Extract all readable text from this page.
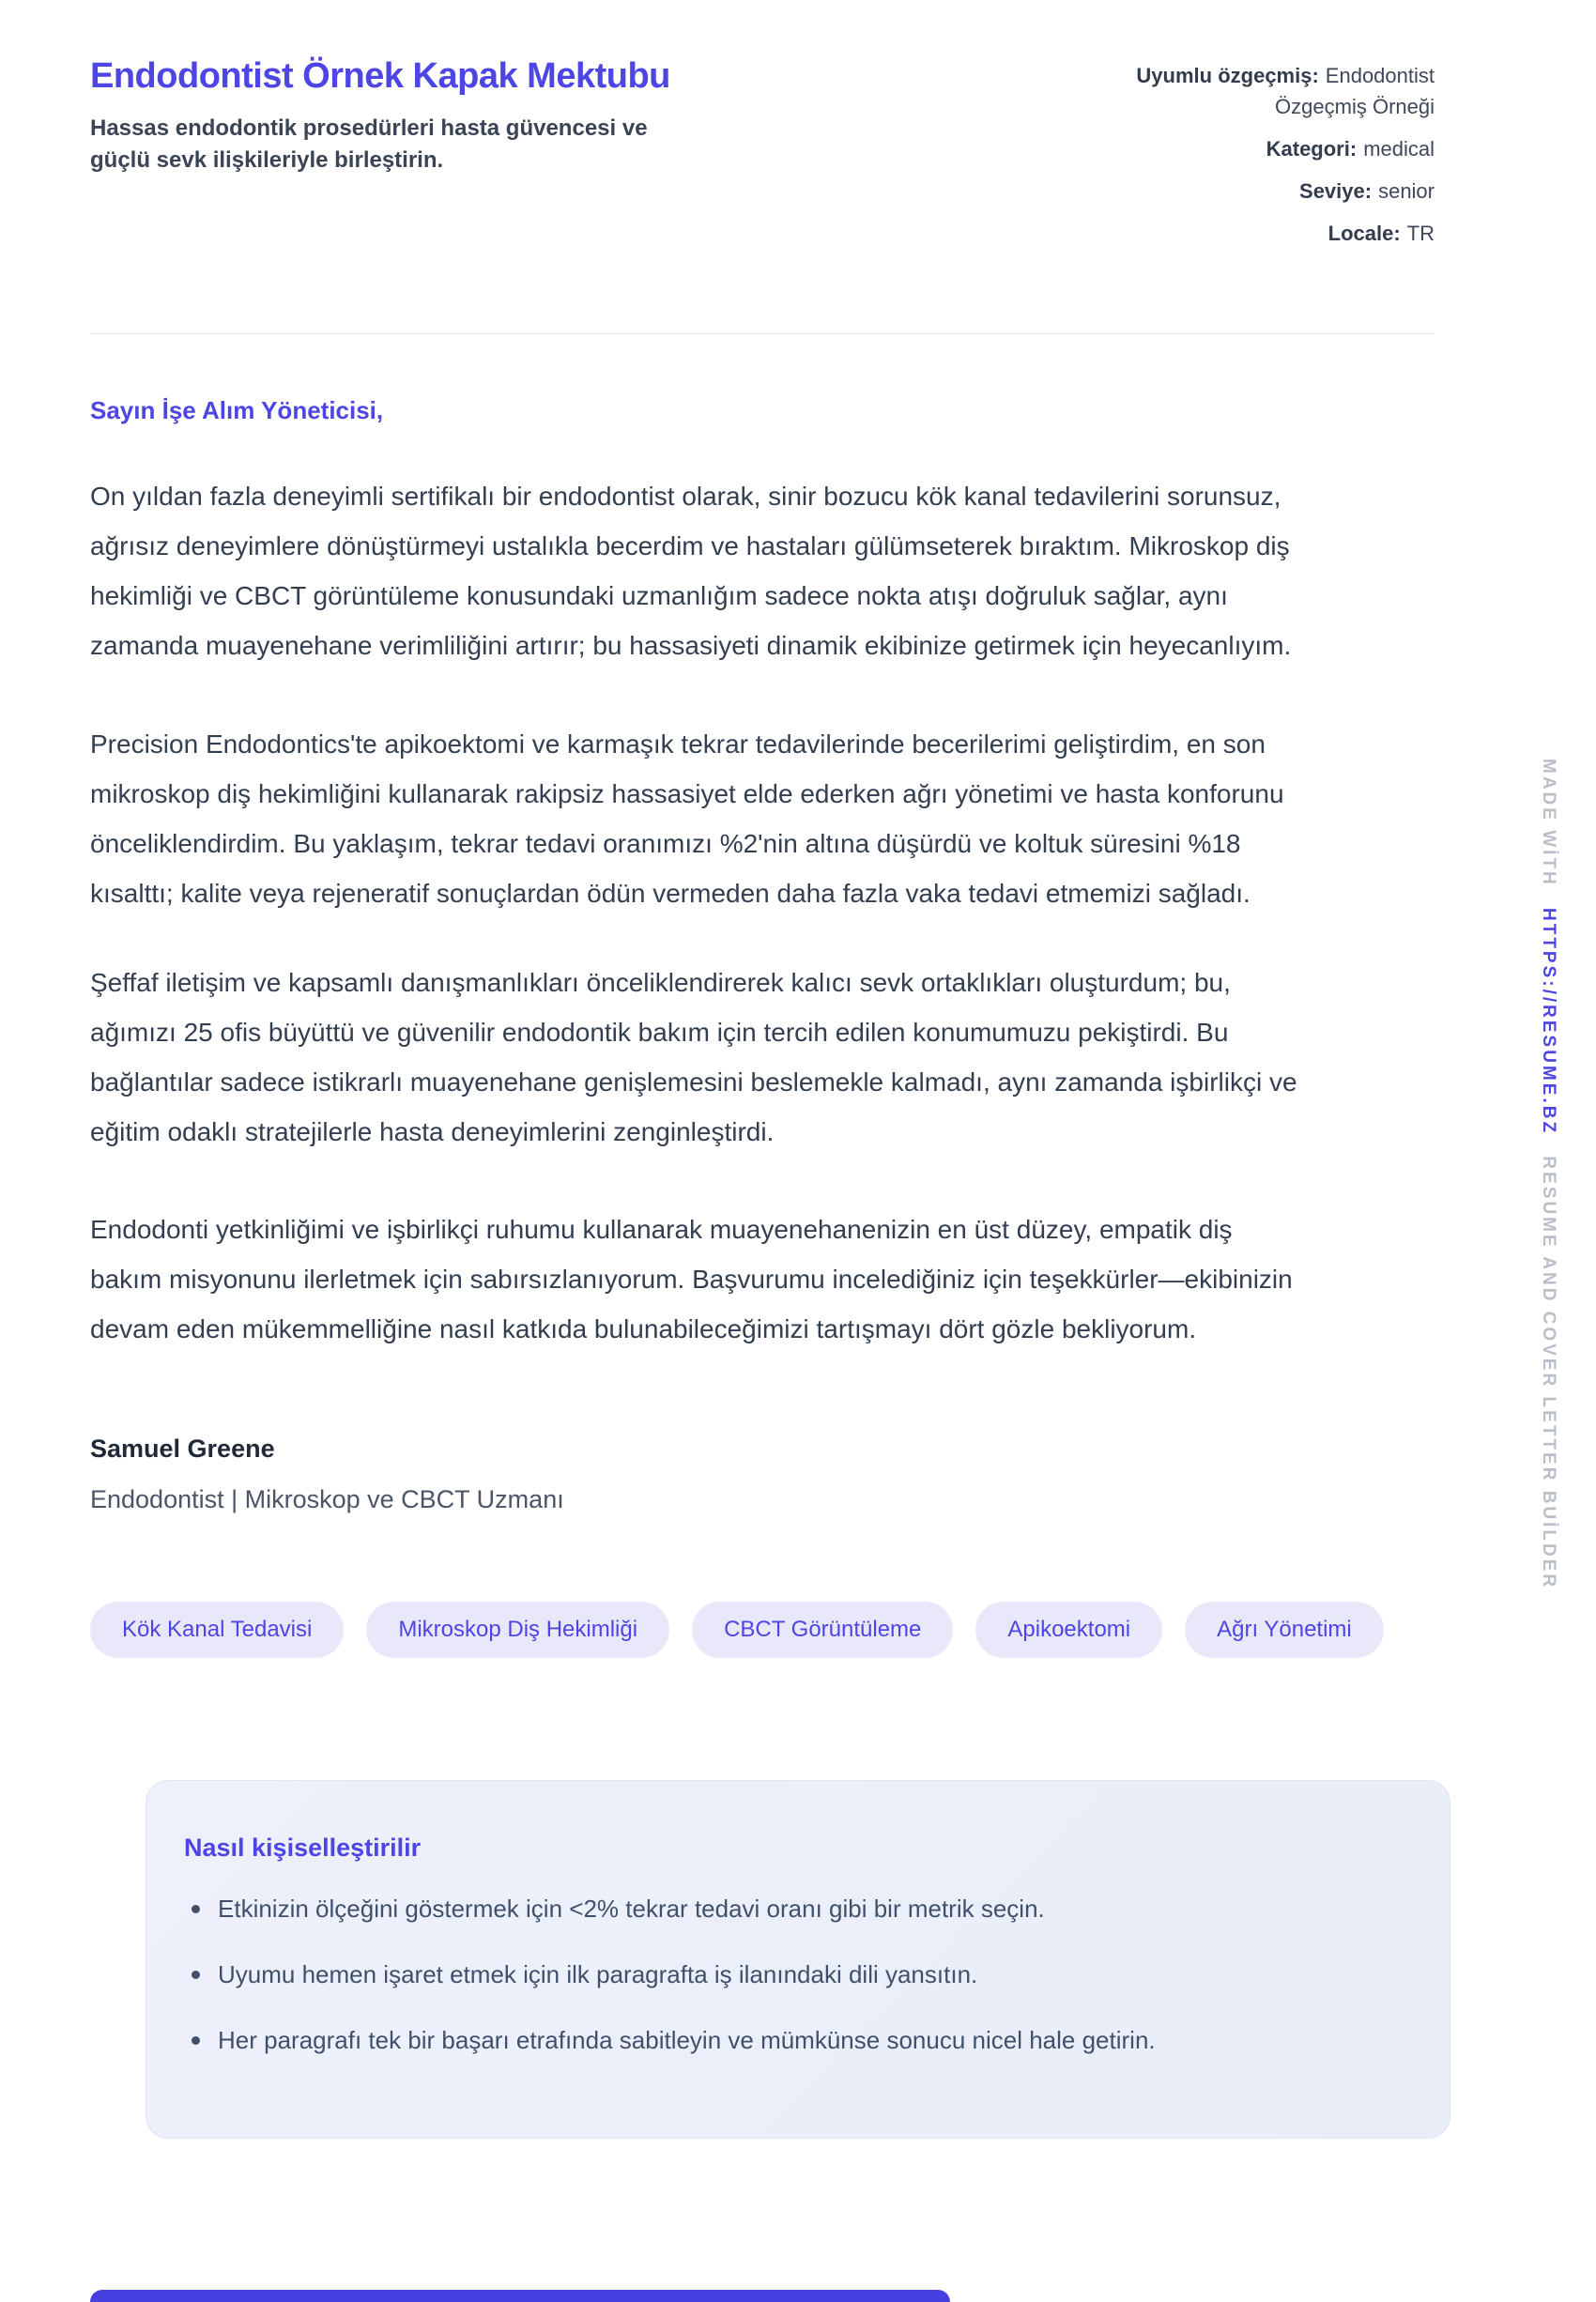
Endodontist Örnek Kapak Mektubu
Hassas endodontik prosedürleri hasta güvencesi ve güçlü sevk ilişkileriyle birleştirin.
Uyumlu özgeçmiş: Endodontist Özgeçmiş Örneği
Kategori: medical
Seviye: senior
Locale: TR
Sayın İşe Alım Yöneticisi,

On yıldan fazla deneyimli sertifikalı bir endodontist olarak, sinir bozucu kök kanal tedavilerini sorunsuz, ağrısız deneyimlere dönüştürmeyi ustalıkla becerdim ve hastaları gülümseterek bıraktım. Mikroskop diş hekimliği ve CBCT görüntüleme konusundaki uzmanlığım sadece nokta atışı doğruluk sağlar, aynı zamanda muayenehane verimliliğini artırır; bu hassasiyeti dinamik ekibinize getirmek için heyecanlıyım.

Precision Endodontics'te apikoektomi ve karmaşık tekrar tedavilerinde becerilerimi geliştirdim, en son mikroskop diş hekimliğini kullanarak rakipsiz hassasiyet elde ederken ağrı yönetimi ve hasta konforunu önceliklendirdim. Bu yaklaşım, tekrar tedavi oranımızı %2'nin altına düşürdü ve koltuk süresini %18 kısalttı; kalite veya rejeneratif sonuçlardan ödün vermeden daha fazla vaka tedavi etmemizi sağladı.

Şeffaf iletişim ve kapsamlı danışmanlıkları önceliklendirerek kalıcı sevk ortaklıkları oluşturdum; bu, ağımızı 25 ofis büyüttü ve güvenilir endodontik bakım için tercih edilen konumumuzu pekiştirdi. Bu bağlantılar sadece istikrarlı muayenehane genişlemesini beslemekle kalmadı, aynı zamanda işbirlikçi ve eğitim odaklı stratejilerle hasta deneyimlerini zenginleştirdi.

Endodonti yetkinliğimi ve işbirlikçi ruhumu kullanarak muayenehanenizin en üst düzey, empatik diş bakım misyonunu ilerletmek için sabırsızlanıyorum. Başvurumu incelediğiniz için teşekkürler—ekibinizin devam eden mükemmelliğine nasıl katkıda bulunabileceğimizi tartışmayı dört gözle bekliyorum.

Samuel Greene
Endodontist | Mikroskop ve CBCT Uzmanı
Kök Kanal Tedavisi	Mikroskop Diş Hekimliği	CBCT Görüntüleme	Apikoektomi	Ağrı Yönetimi
Nasıl kişiselleştirilir
Etkinizin ölçeğini göstermek için <2% tekrar tedavi oranı gibi bir metrik seçin.
Uyumu hemen işaret etmek için ilk paragrafta iş ilanındaki dili yansıtın.
Her paragrafı tek bir başarı etrafında sabitleyin ve mümkünse sonucu nicel hale getirin.
MADE WİTH HTTPS://RESUME.BZ RESUME AND COVER LETTER BUİLDER
